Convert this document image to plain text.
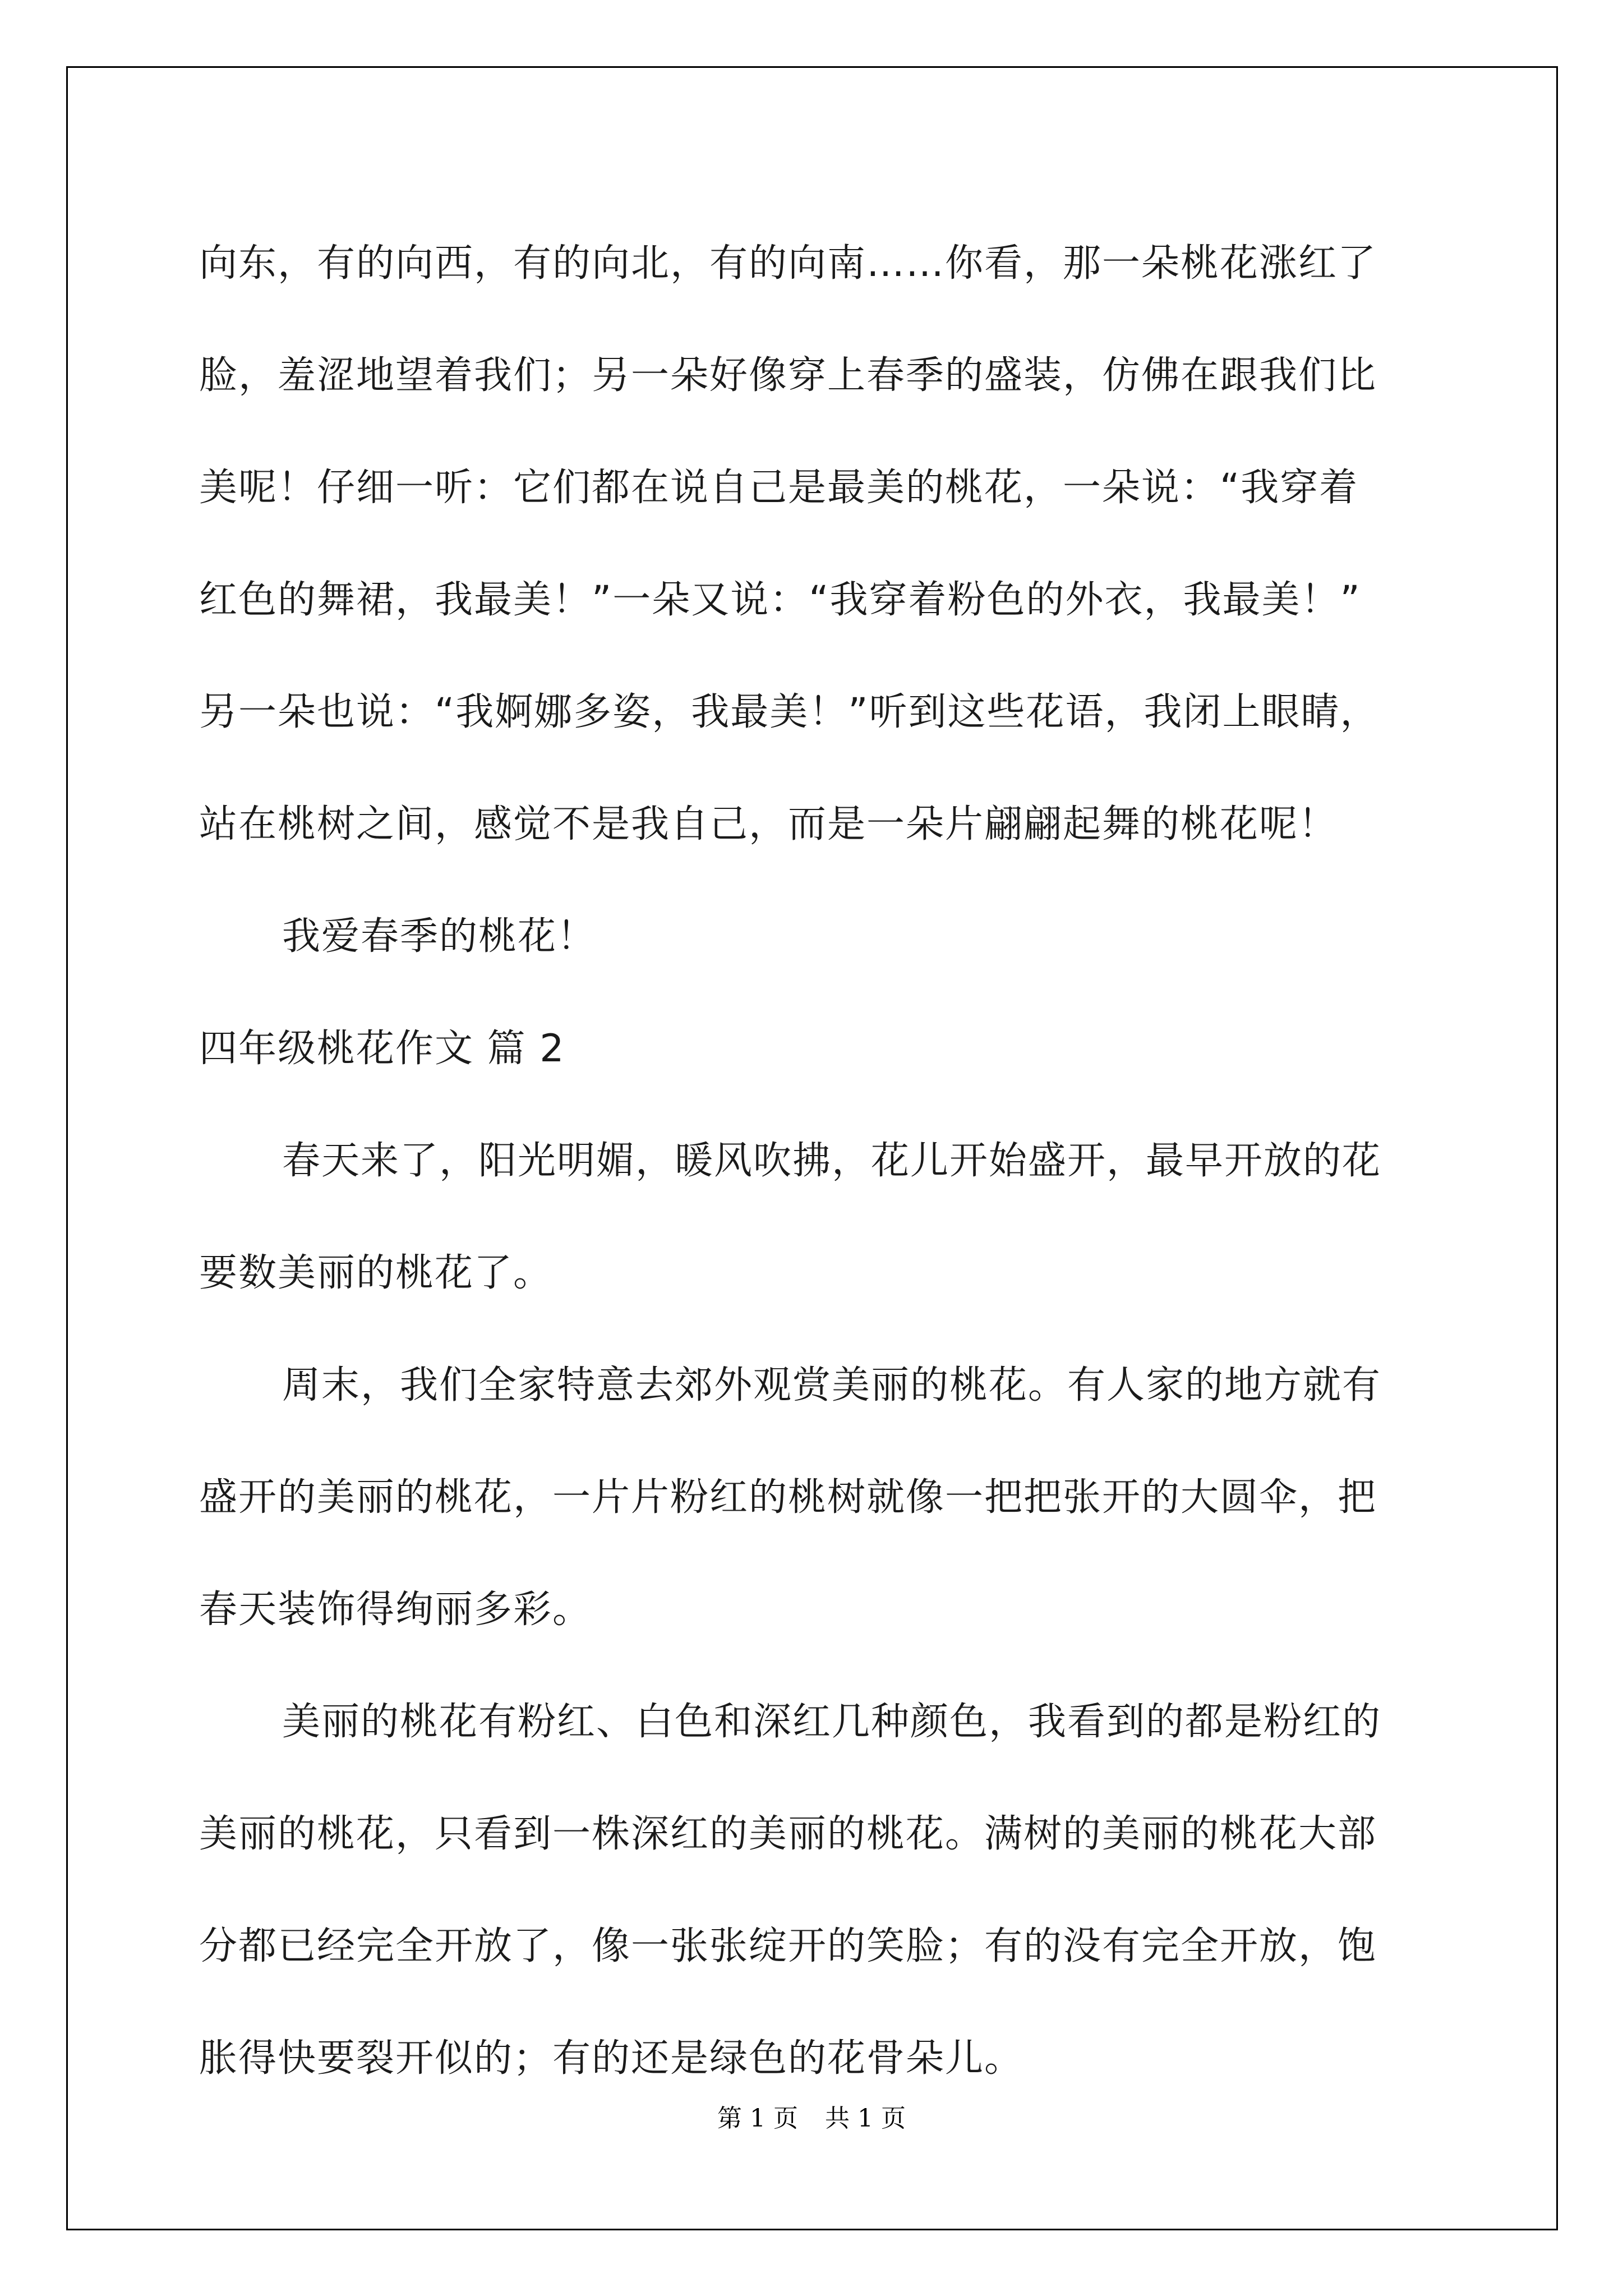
向东，有的向西，有的向北，有的向南……你看，那一朵桃花涨红了
脸，羞涩地望着我们；另一朵好像穿上春季的盛装，仿佛在跟我们比
美呢！仔细一听：它们都在说自己是最美的桃花，一朵说：“我穿着
红色的舞裙，我最美！”一朵又说：“我穿着粉色的外衣，我最美！”
另一朵也说：“我婀娜多姿，我最美！”听到这些花语，我闭上眼睛，
站在桃树之间，感觉不是我自己，而是一朵片翩翩起舞的桃花呢！
我爱春季的桃花！
四年级桃花作文 篇 2
春天来了，阳光明媚，暖风吹拂，花儿开始盛开，最早开放的花
要数美丽的桃花了。
周末，我们全家特意去郊外观赏美丽的桃花。有人家的地方就有
盛开的美丽的桃花，一片片粉红的桃树就像一把把张开的大圆伞，把
春天装饰得绚丽多彩。
美丽的桃花有粉红、白色和深红几种颜色，我看到的都是粉红的
美丽的桃花，只看到一株深红的美丽的桃花。满树的美丽的桃花大部
分都已经完全开放了，像一张张绽开的笑脸；有的没有完全开放，饱
胀得快要裂开似的；有的还是绿色的花骨朵儿。
第 1 页 共 1 页
